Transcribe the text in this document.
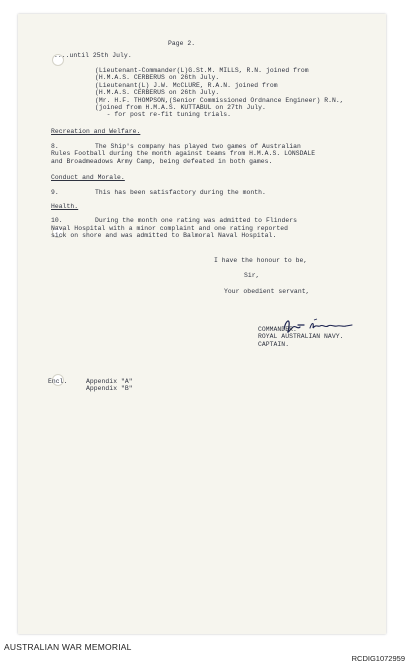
Page 2.
....until 25th July.
(Lieutenant-Commander(L)G.St.M. MILLS, R.N. joined from
(H.M.A.S. CERBERUS on 26th July.
(Lieutenant(L) J.W. McCLURE, R.A.N. joined from
(H.M.A.S. CERBERUS on 26th July.
(Mr. H.F. THOMPSON,(Senior Commissioned Ordnance Engineer) R.N.,
(joined from H.M.A.S. KUTTABUL on 27th July.
- for post re-fit tuning trials.
Recreation and Welfare.
8.	The Ship's company has played two games of Australian
Rules Football during the month against teams from H.M.A.S. LONSDALE
and Broadmeadows Army Camp, being defeated in both games.
Conduct and Morale.
9.	This has been satisfactory during the month.
Health.
10.	During the month one rating was admitted to Flinders
Naval Hospital with a minor complaint and one rating reported
sick on shore and was admitted to Balmoral Naval Hospital.
I have the honour to be,
Sir,
Your obedient servant,
COMMANDER.
ROYAL AUSTRALIAN NAVY.
CAPTAIN.
Encl.	Appendix "A"
Appendix "B"
AUSTRALIAN WAR MEMORIAL
RCDIG1072959
